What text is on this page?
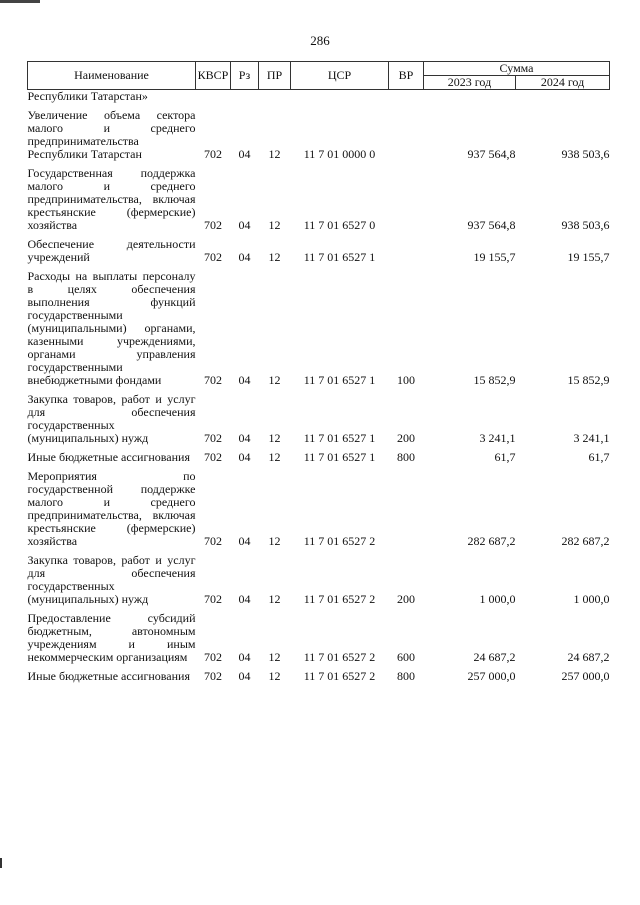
286
Наименование	КВСР	Рз	ПР	ЦСР	ВР	Сумма	
						2023 год	2024 год
Республики Татарстан»							
Увеличение объема сектора малого и среднего предпринимательства Республики Татарстан	702	04	12	11 7 01 0000 0		937 564,8	938 503,6
Государственная поддержка малого и среднего предпринимательства, включая крестьянские (фермерские) хозяйства	702	04	12	11 7 01 6527 0		937 564,8	938 503,6
Обеспечение деятельности учреждений	702	04	12	11 7 01 6527 1		19 155,7	19 155,7
Расходы на выплаты персоналу в целях обеспечения выполнения функций государственными (муниципальными) органами, казенными учреждениями, органами управления государственными внебюджетными фондами	702	04	12	11 7 01 6527 1	100	15 852,9	15 852,9
Закупка товаров, работ и услуг для обеспечения государственных (муниципальных) нужд	702	04	12	11 7 01 6527 1	200	3 241,1	3 241,1
Иные бюджетные ассигнования	702	04	12	11 7 01 6527 1	800	61,7	61,7
Мероприятия по государственной поддержке малого и среднего предпринимательства, включая крестьянские (фермерские) хозяйства	702	04	12	11 7 01 6527 2		282 687,2	282 687,2
Закупка товаров, работ и услуг для обеспечения государственных (муниципальных) нужд	702	04	12	11 7 01 6527 2	200	1 000,0	1 000,0
Предоставление субсидий бюджетным, автономным учреждениям и иным некоммерческим организациям	702	04	12	11 7 01 6527 2	600	24 687,2	24 687,2
Иные бюджетные ассигнования	702	04	12	11 7 01 6527 2	800	257 000,0	257 000,0
